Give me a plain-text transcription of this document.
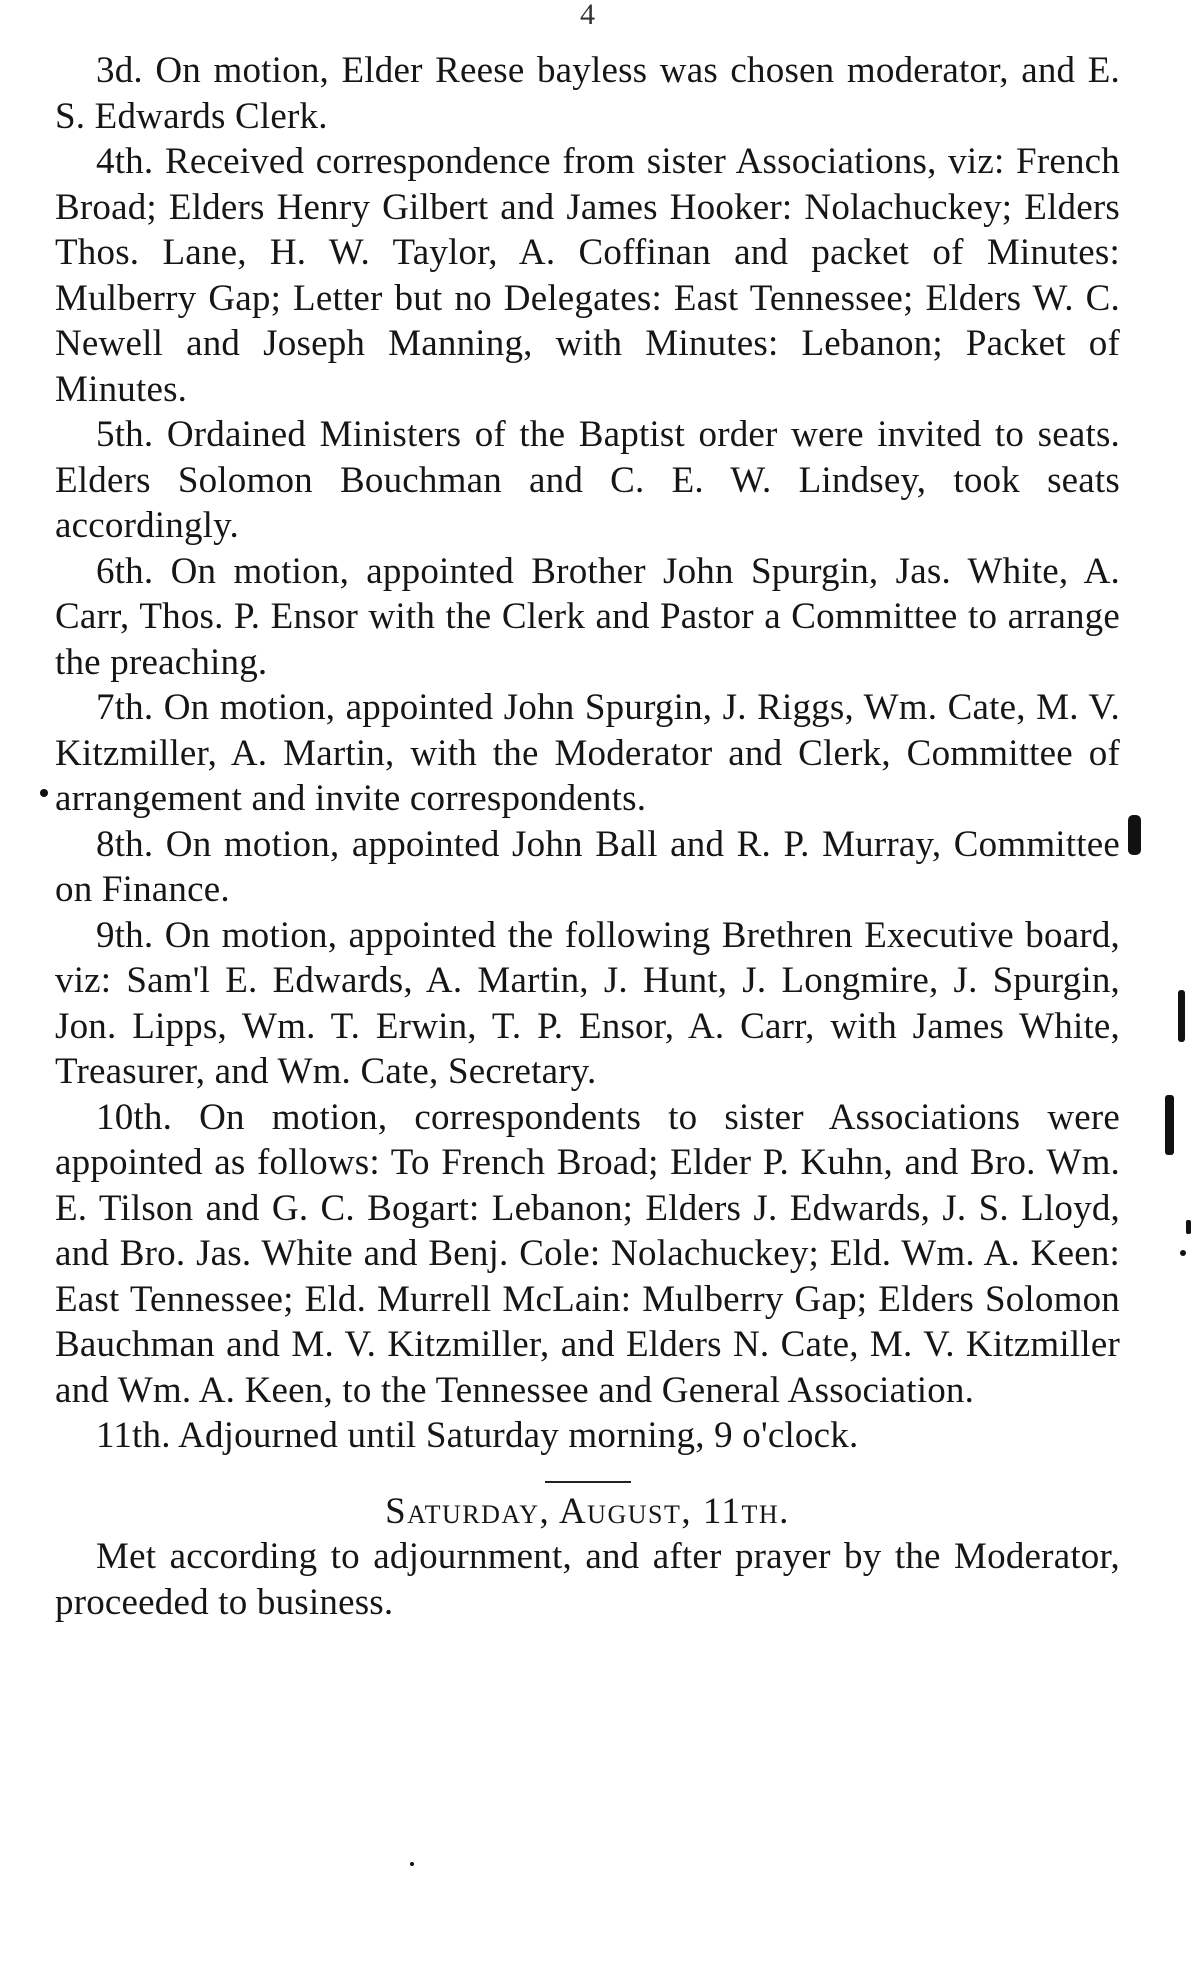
4

3d. On motion, Elder Reese bayless was chosen moderator, and E. S. Edwards Clerk.

4th. Received correspondence from sister Associations, viz: French Broad; Elders Henry Gilbert and James Hooker: Nolachuckey; Elders Thos. Lane, H. W. Taylor, A. Coffinan and packet of Minutes: Mulberry Gap; Letter but no Delegates: East Tennessee; Elders W. C. Newell and Joseph Manning, with Minutes: Lebanon; Packet of Minutes.

5th. Ordained Ministers of the Baptist order were invited to seats. Elders Solomon Bouchman and C. E. W. Lindsey, took seats accordingly.

6th. On motion, appointed Brother John Spurgin, Jas. White, A. Carr, Thos. P. Ensor with the Clerk and Pastor a Committee to arrange the preaching.

7th. On motion, appointed John Spurgin, J. Riggs, Wm. Cate, M. V. Kitzmiller, A. Martin, with the Moderator and Clerk, Committee of arrangement and invite correspondents.

8th. On motion, appointed John Ball and R. P. Murray, Committee on Finance.

9th. On motion, appointed the following Brethren Executive board, viz: Sam'l E. Edwards, A. Martin, J. Hunt, J. Longmire, J. Spurgin, Jon. Lipps, Wm. T. Erwin, T. P. Ensor, A. Carr, with James White, Treasurer, and Wm. Cate, Secretary.

10th. On motion, correspondents to sister Associations were appointed as follows: To French Broad; Elder P. Kuhn, and Bro. Wm. E. Tilson and G. C. Bogart: Lebanon; Elders J. Edwards, J. S. Lloyd, and Bro. Jas. White and Benj. Cole: Nolachuckey; Eld. Wm. A. Keen: East Tennessee; Eld. Murrell McLain: Mulberry Gap; Elders Solomon Bauchman and M. V. Kitzmiller, and Elders N. Cate, M. V. Kitzmiller and Wm. A. Keen, to the Tennessee and General Association.

11th. Adjourned until Saturday morning, 9 o'clock.

Saturday, August, 11th.

Met according to adjournment, and after prayer by the Moderator, proceeded to business.
